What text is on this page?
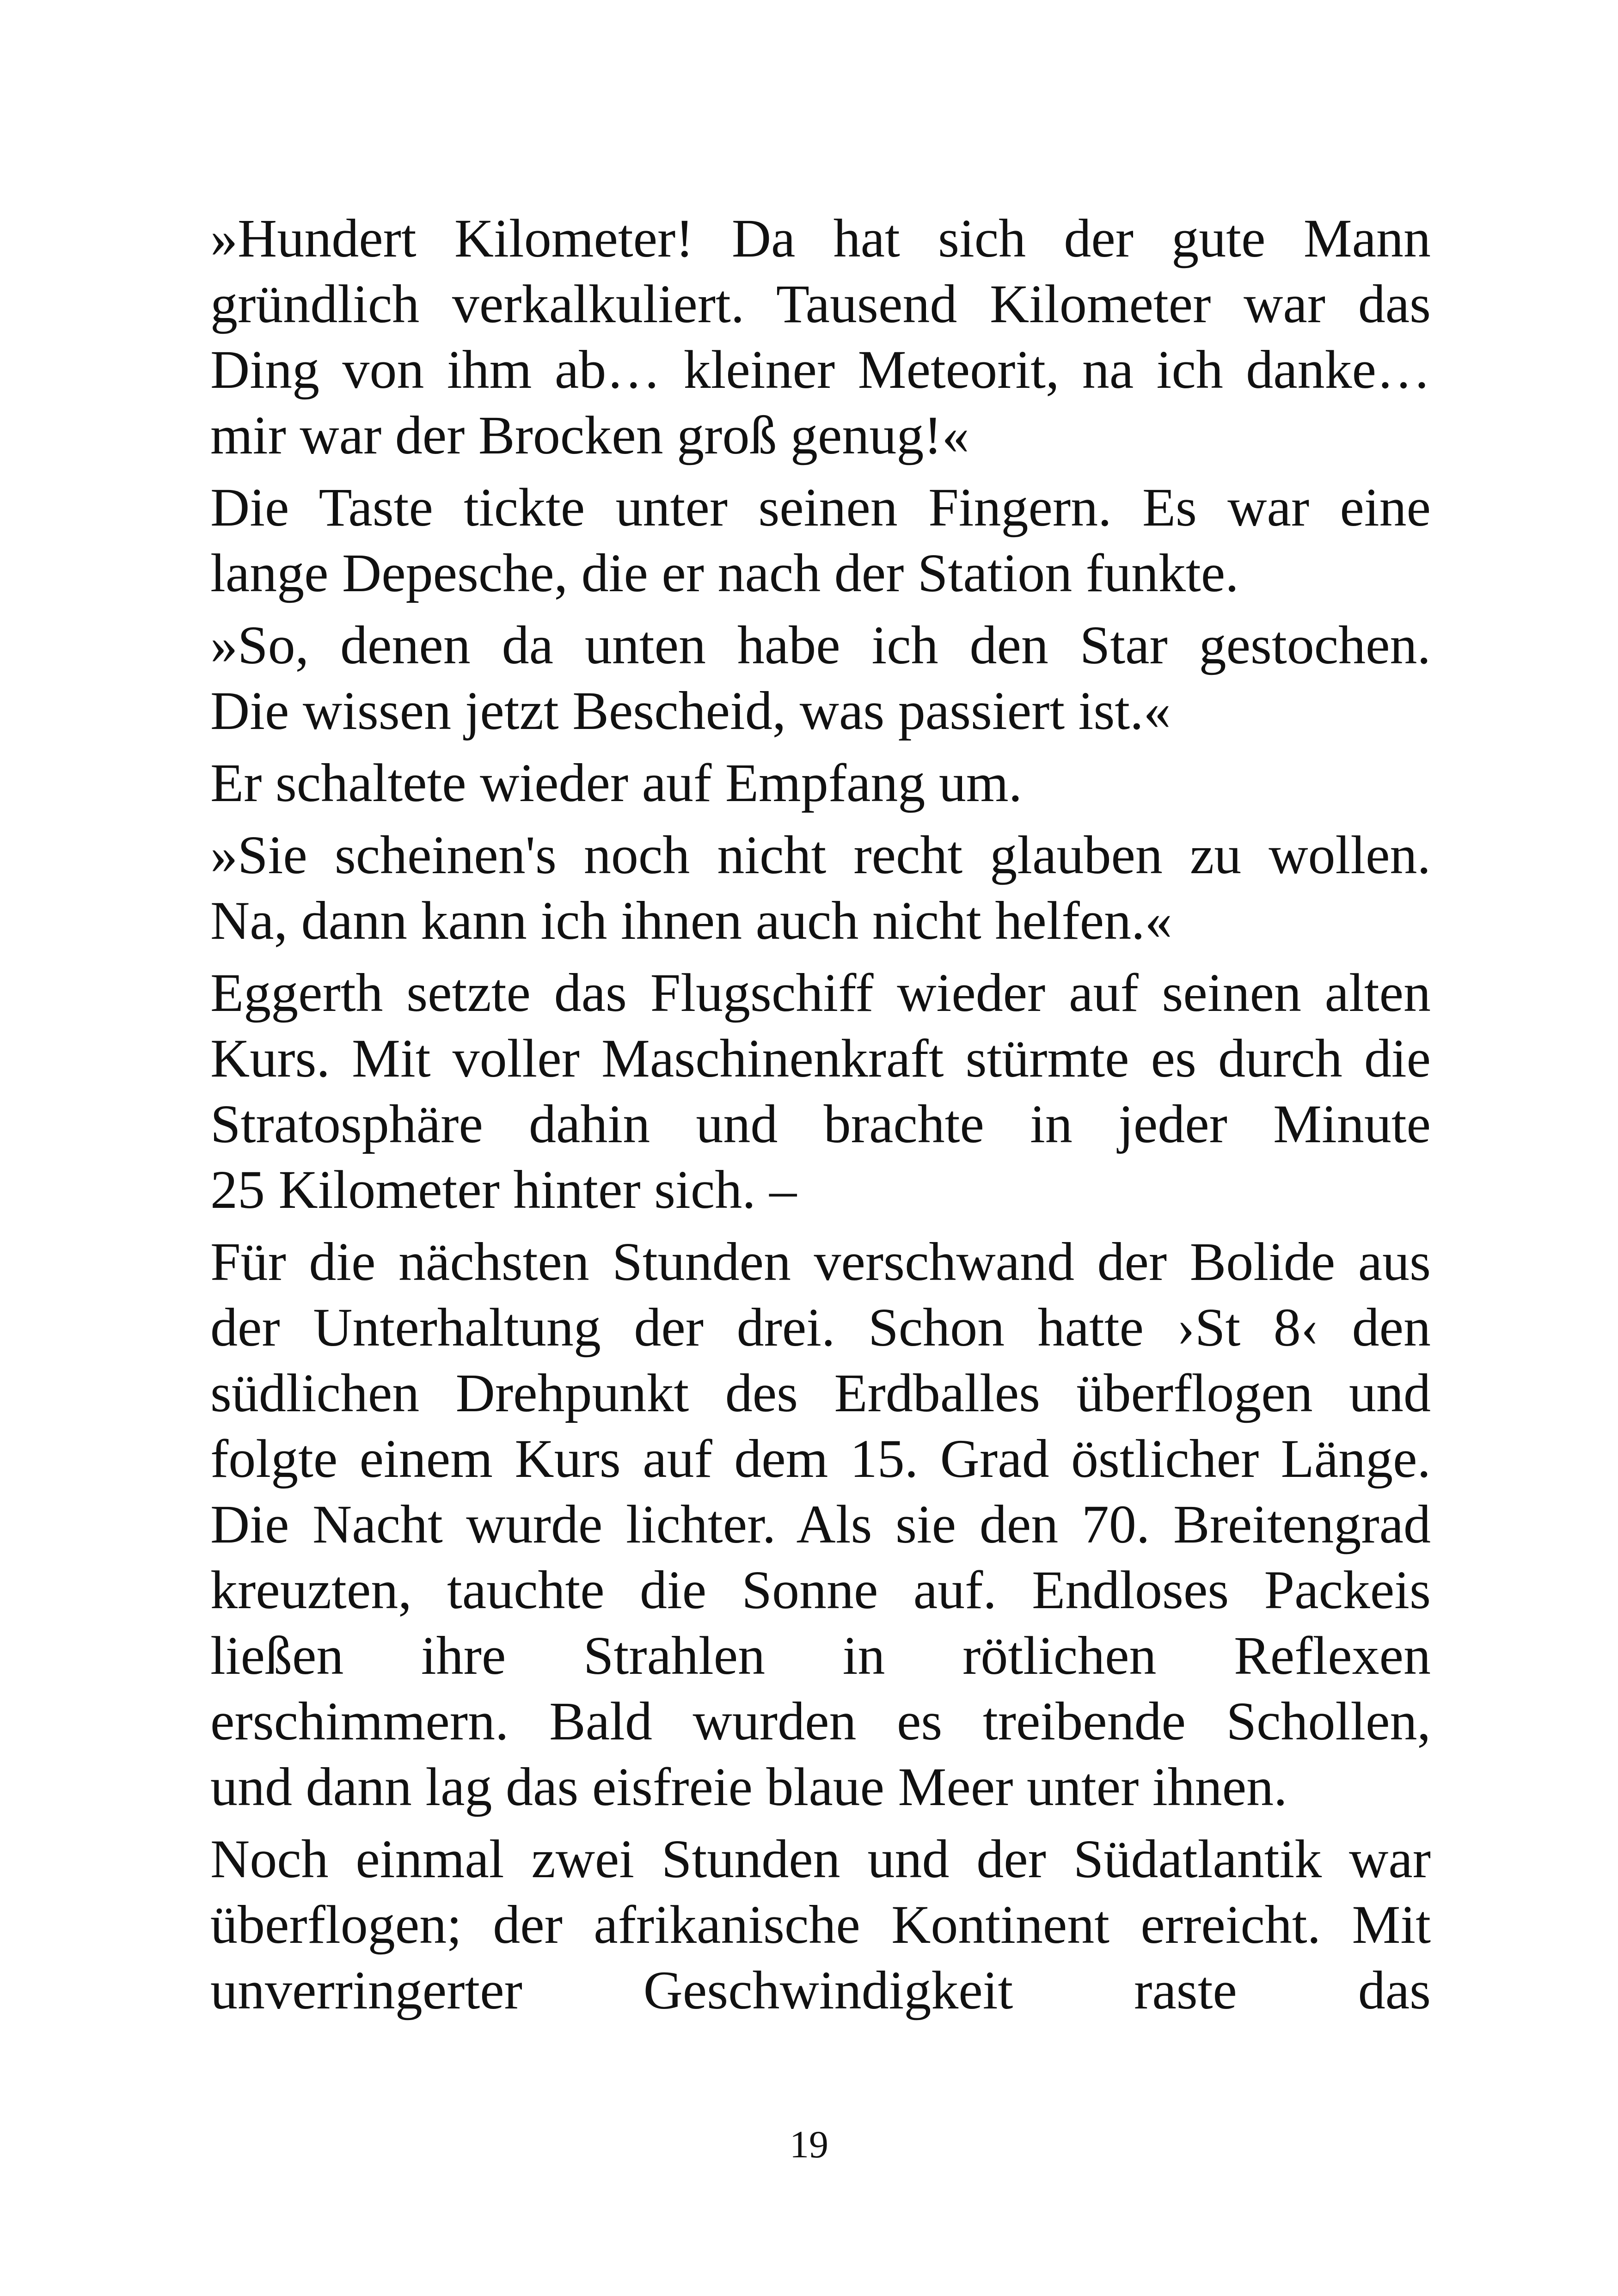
»Hundert Kilometer! Da hat sich der gute Mann
gründlich verkalkuliert. Tausend Kilometer war das
Ding von ihm ab… kleiner Meteorit, na ich danke…
mir war der Brocken groß genug!«
Die Taste tickte unter seinen Fingern. Es war eine
lange Depesche, die er nach der Station funkte.
»So, denen da unten habe ich den Star gestochen.
Die wissen jetzt Bescheid, was passiert ist.«
Er schaltete wieder auf Empfang um.
»Sie scheinen's noch nicht recht glauben zu wollen.
Na, dann kann ich ihnen auch nicht helfen.«
Eggerth setzte das Flugschiff wieder auf seinen alten
Kurs. Mit voller Maschinenkraft stürmte es durch die
Stratosphäre dahin und brachte in jeder Minute
25 Kilometer hinter sich. –
Für die nächsten Stunden verschwand der Bolide aus
der Unterhaltung der drei. Schon hatte ›St 8‹ den
südlichen Drehpunkt des Erdballes überflogen und
folgte einem Kurs auf dem 15. Grad östlicher Länge.
Die Nacht wurde lichter. Als sie den 70. Breitengrad
kreuzten, tauchte die Sonne auf. Endloses Packeis
ließen ihre Strahlen in rötlichen Reflexen
erschimmern. Bald wurden es treibende Schollen,
und dann lag das eisfreie blaue Meer unter ihnen.
Noch einmal zwei Stunden und der Südatlantik war
überflogen; der afrikanische Kontinent erreicht. Mit
unverringerter Geschwindigkeit raste das
19
